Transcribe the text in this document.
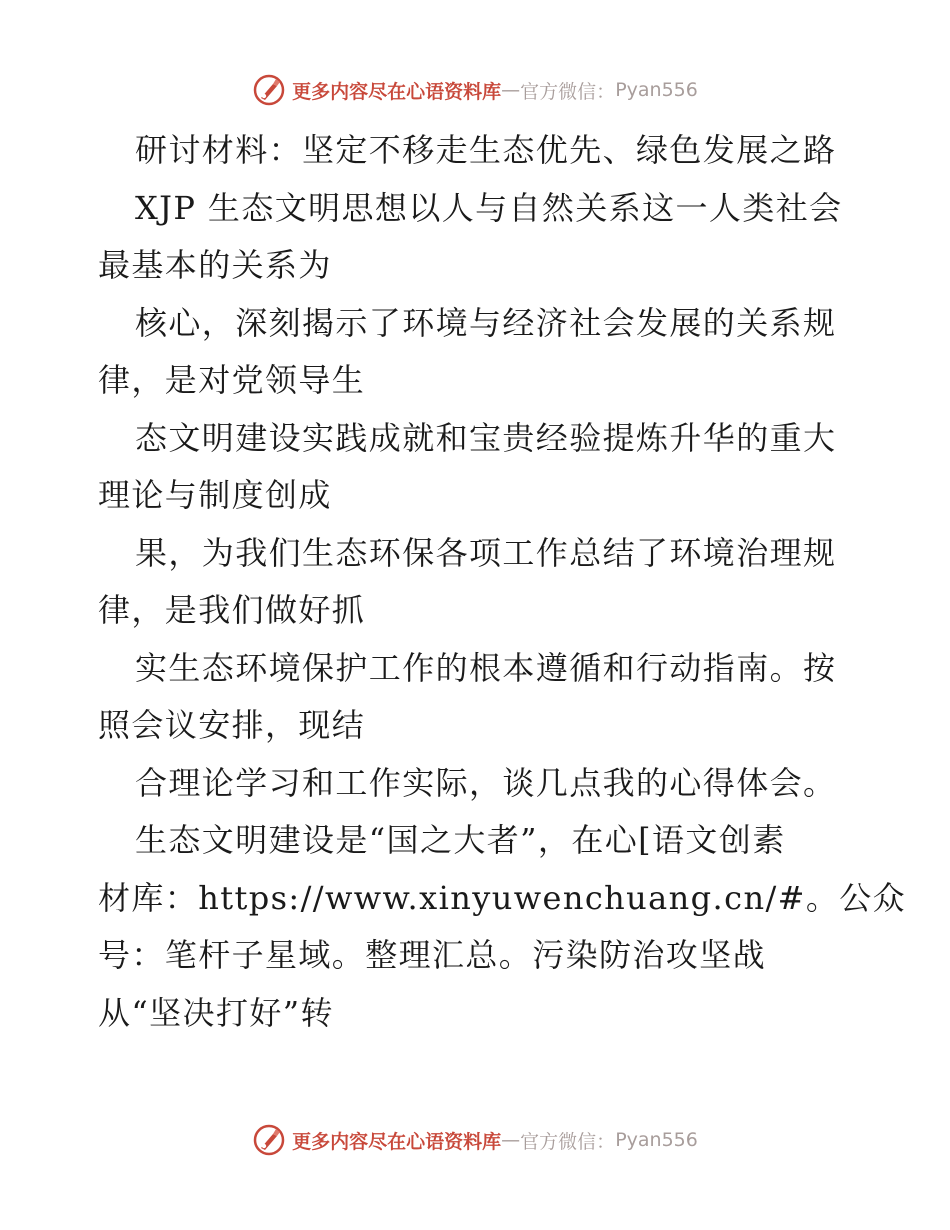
更多内容尽在心语资料库 — 官方微信： Pyan556
研讨材料：坚定不移走生态优先、绿色发展之路
XJP 生态文明思想以人与自然关系这一人类社会
最基本的关系为
核心，深刻揭示了环境与经济社会发展的关系规
律，是对党领导生
态文明建设实践成就和宝贵经验提炼升华的重大
理论与制度创成
果，为我们生态环保各项工作总结了环境治理规
律，是我们做好抓
实生态环境保护工作的根本遵循和行动指南。按
照会议安排，现结
合理论学习和工作实际，谈几点我的心得体会。
生态文明建设是“国之大者”，在心[语文创素
材库：https://www.xinyuwenchuang.cn/#。公众
号：笔杆子星域。整理汇总。污染防治攻坚战
从“坚决打好”转
更多内容尽在心语资料库 — 官方微信： Pyan556
